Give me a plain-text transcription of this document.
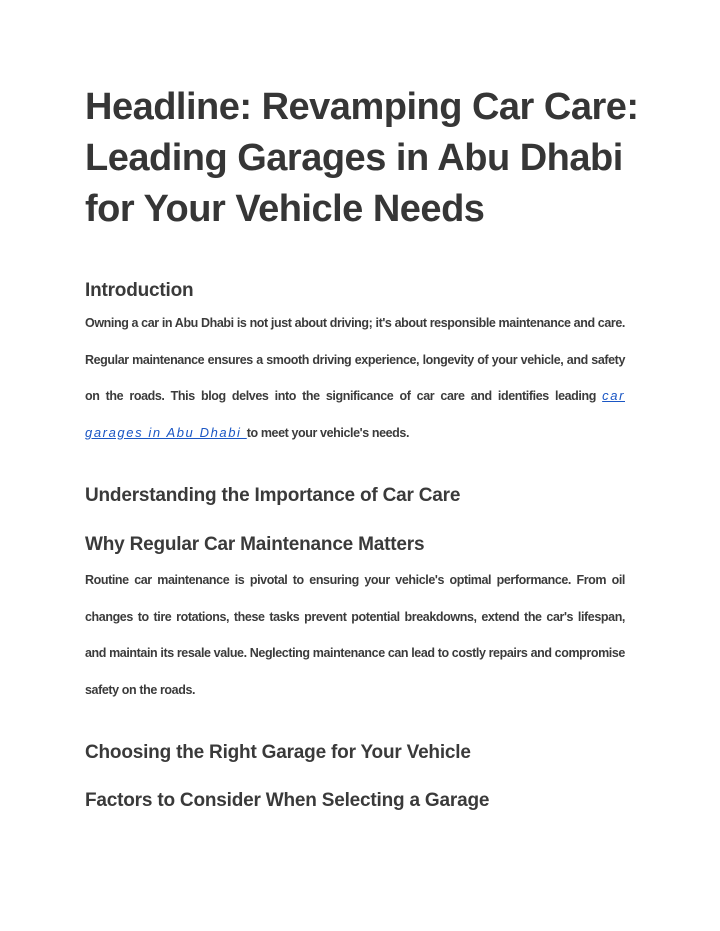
Headline: Revamping Car Care: Leading Garages in Abu Dhabi for Your Vehicle Needs
Introduction

Owning a car in Abu Dhabi is not just about driving; it's about responsible maintenance and care. Regular maintenance ensures a smooth driving experience, longevity of your vehicle, and safety on the roads. This blog delves into the significance of car care and identifies leading car garages in Abu Dhabi to meet your vehicle's needs.

Understanding the Importance of Car Care
Why Regular Car Maintenance Matters

Routine car maintenance is pivotal to ensuring your vehicle's optimal performance. From oil changes to tire rotations, these tasks prevent potential breakdowns, extend the car's lifespan, and maintain its resale value. Neglecting maintenance can lead to costly repairs and compromise safety on the roads.

Choosing the Right Garage for Your Vehicle
Factors to Consider When Selecting a Garage
